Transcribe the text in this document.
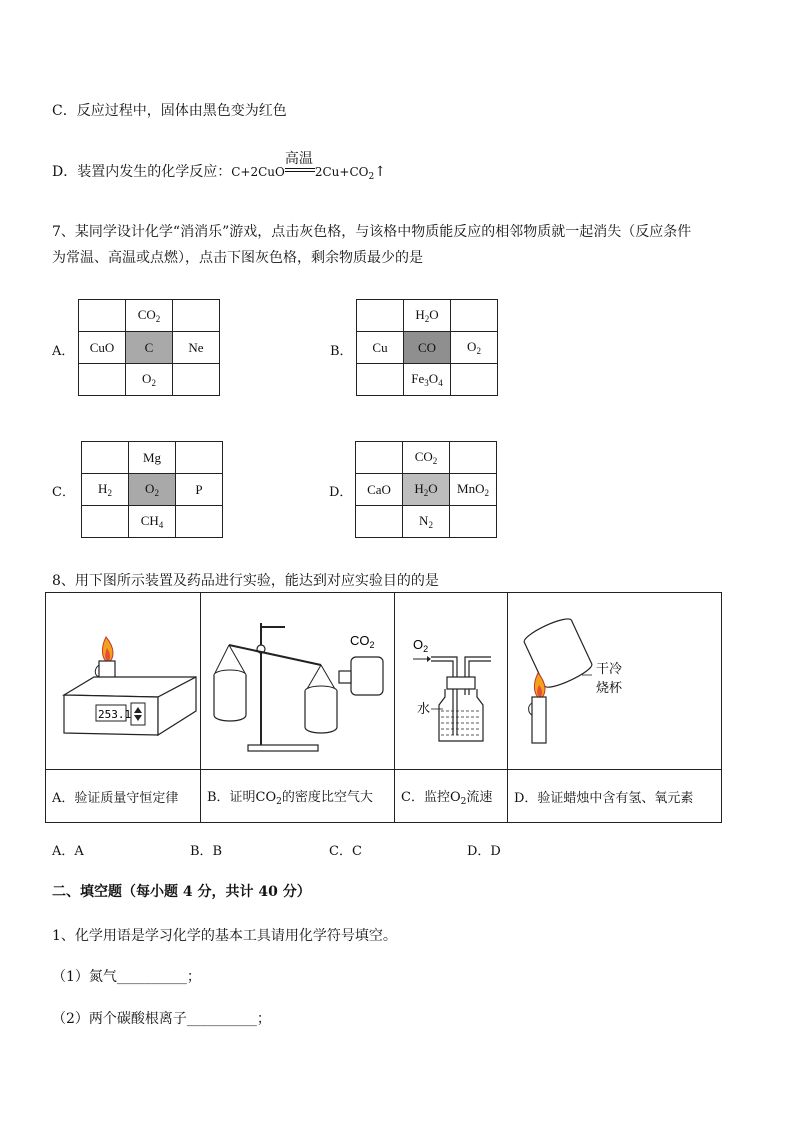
C．反应过程中，固体由黑色变为红色
D．装置内发生的化学反应：C+2CuO
高温
$2Cu+CO_2↑$
7、某同学设计化学“消消乐”游戏，点击灰色格，与该格中物质能反应的相邻物质就一起消失（反应条件
为常温、高温或点燃），点击下图灰色格，剩余物质最少的是
A．
	$CO_2$	
CuO	C	Ne
	$O_2$	
B．
	$H_2O$	
Cu	CO	$O_2$
	$Fe_3O_4$	
C．
	Mg	
$H_2$	$O_2$	P
	$CH_4$	
D．
	$CO_2$	
CaO	$H_2O$	MnO$_2$
	$N_2$	
8、用下图所示装置及药品进行实验，能达到对应实验目的的是
253.1	$CO_2$	$O_2$
水	干冷
烧杯

A．验证质量守恒定律	B．证明$CO_2$的密度比空气大	C．监控$O_2$流速	D．验证蜡烛中含有氢、氧元素
A．A	B．B	C．C	D．D
二、填空题（每小题 4 分，共计 40 分）
1、化学用语是学习化学的基本工具请用化学符号填空。
（1）氮气__________；
（2）两个碳酸根离子__________；
